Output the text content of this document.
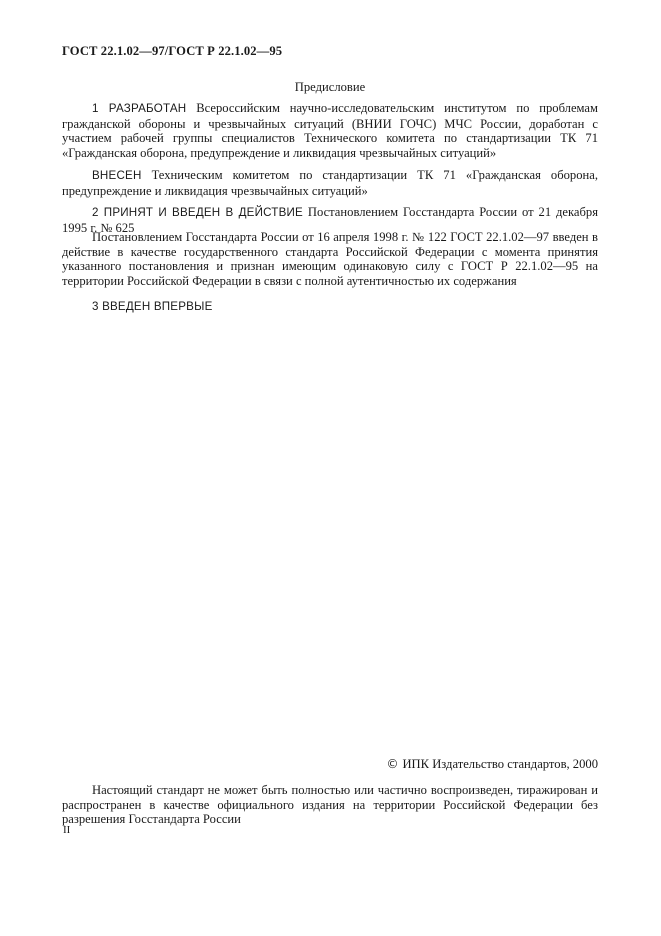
ГОСТ 22.1.02—97/ГОСТ Р 22.1.02—95
Предисловие

1 РАЗРАБОТАН Всероссийским научно-исследовательским институтом по проблемам гражданской обороны и чрезвычайных ситуаций (ВНИИ ГОЧС) МЧС России, доработан с участием рабочей группы специалистов Технического комитета по стандартизации ТК 71 «Гражданская оборона, предупреждение и ликвидация чрезвычайных ситуаций»

ВНЕСЕН Техническим комитетом по стандартизации ТК 71 «Гражданская оборона, предупреждение и ликвидация чрезвычайных ситуаций»

2 ПРИНЯТ И ВВЕДЕН В ДЕЙСТВИЕ Постановлением Госстандарта России от 21 декабря 1995 г. № 625

Постановлением Госстандарта России от 16 апреля 1998 г. № 122 ГОСТ 22.1.02—97 введен в действие в качестве государственного стандарта Российской Федерации с момента принятия указанного постановления и признан имеющим одинаковую силу с ГОСТ Р 22.1.02—95 на территории Российской Федерации в связи с полной аутентичностью их содержания

3 ВВЕДЕН ВПЕРВЫЕ

© ИПК Издательство стандартов, 2000

Настоящий стандарт не может быть полностью или частично воспроизведен, тиражирован и распространен в качестве официального издания на территории Российской Федерации без разрешения Госстандарта России

II
